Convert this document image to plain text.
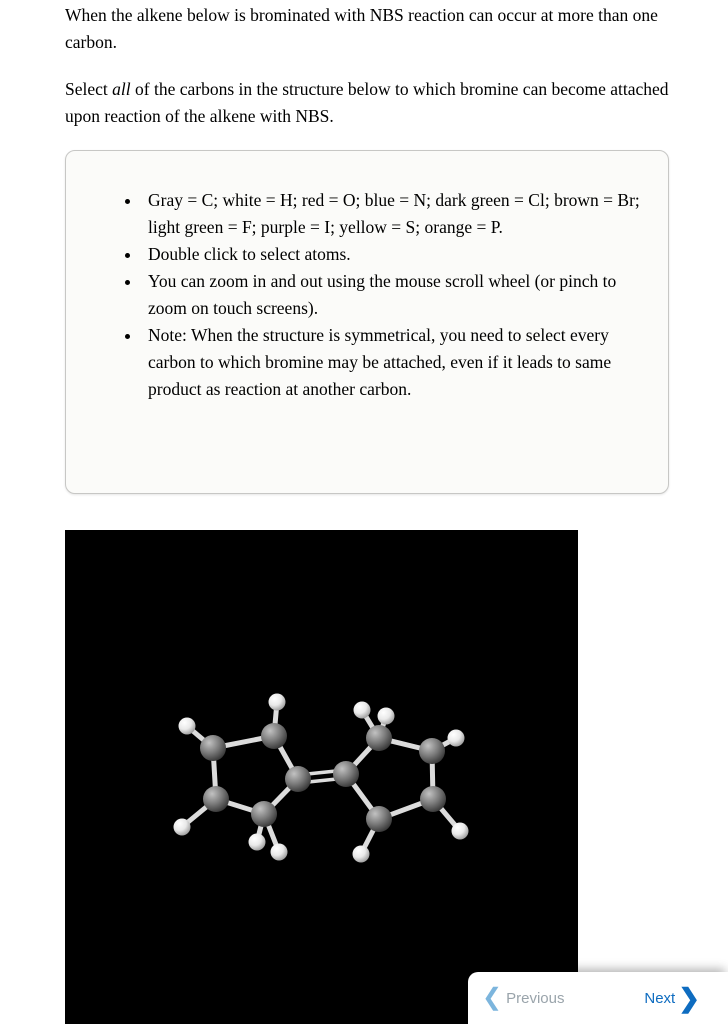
When the alkene below is brominated with NBS reaction can occur at more than one carbon.

Select all of the carbons in the structure below to which bromine can become attached upon reaction of the alkene with NBS.

• Gray = C; white = H; red = O; blue = N; dark green = Cl; brown = Br; light green = F; purple = I; yellow = S; orange = P.
• Double click to select atoms.
• You can zoom in and out using the mouse scroll wheel (or pinch to zoom on touch screens).
• Note: When the structure is symmetrical, you need to select every carbon to which bromine may be attached, even if it leads to same product as reaction at another carbon.
❮ Previous	Next ❯
